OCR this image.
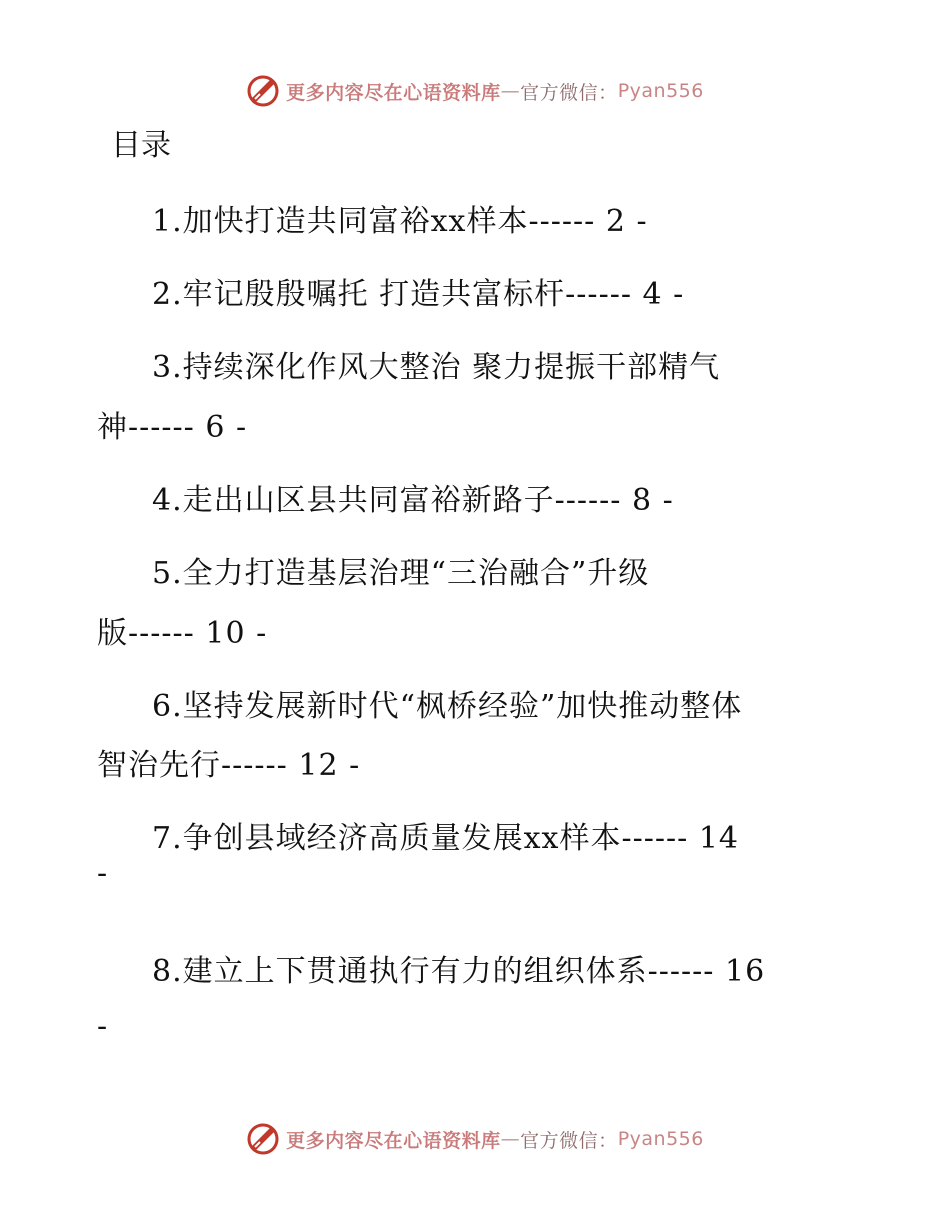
更多内容尽在心语资料库 — 官方微信： Pyan556
目录
1.加快打造共同富裕xx样本------ 2 -
2.牢记殷殷嘱托 打造共富标杆------ 4 -
3.持续深化作风大整治 聚力提振干部精气
神------ 6 -
4.走出山区县共同富裕新路子------ 8 -
5.全力打造基层治理“三治融合”升级
版------ 10 -
6.坚持发展新时代“枫桥经验”加快推动整体
智治先行------ 12 -
7.争创县域经济高质量发展xx样本------ 14
-
8.建立上下贯通执行有力的组织体系------ 16
-
更多内容尽在心语资料库 — 官方微信： Pyan556
